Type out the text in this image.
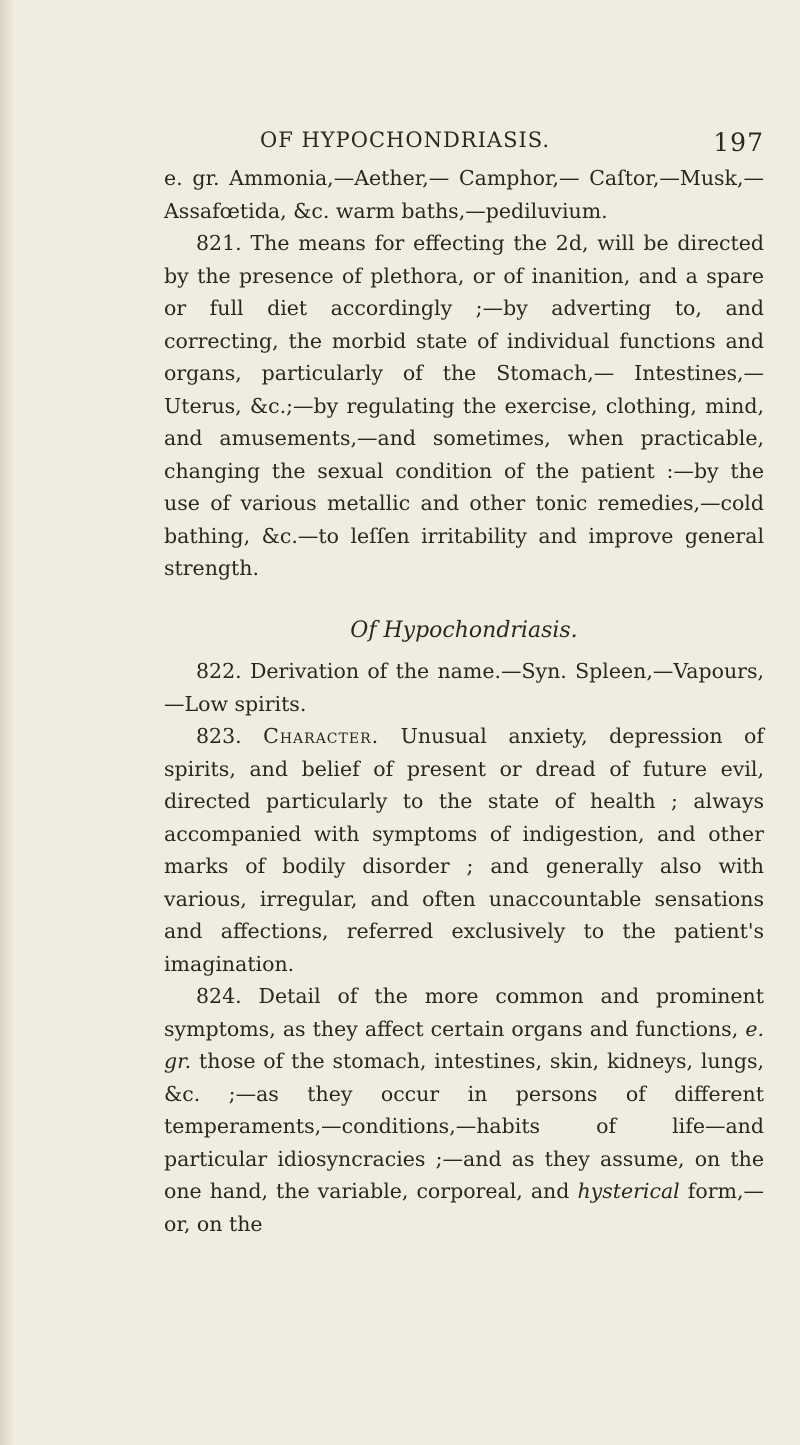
OF HYPOCHONDRIASIS.	197

e. gr. Ammonia,—Aether,— Camphor,— Caſtor,—Musk,—Assafœtida, &c. warm baths,—pediluvium.

821. The means for effecting the 2d, will be directed by the presence of plethora, or of inanition, and a spare or full diet accordingly ;—by adverting to, and correcting, the morbid state of individual functions and organs, particularly of the Stomach,— Intestines,— Uterus, &c.;—by regulating the exercise, clothing, mind, and amusements,—and sometimes, when practicable, changing the sexual condition of the patient :—by the use of various metallic and other tonic remedies,—cold bathing, &c.—to leſſen irritability and improve general strength.

Of Hypochondriasis.

822. Derivation of the name.—Syn. Spleen,—Vapours,—Low spirits.

823. Character. Unusual anxiety, depression of spirits, and belief of present or dread of future evil, directed particularly to the state of health ; always accompanied with symptoms of indigestion, and other marks of bodily disorder ; and generally also with various, irregular, and often unaccountable sensations and affections, referred exclusively to the patient's imagination.

824. Detail of the more common and prominent symptoms, as they affect certain organs and functions, e. gr. those of the stomach, intestines, skin, kidneys, lungs, &c. ;—as they occur in persons of different temperaments,—conditions,—habits of life—and particular idiosyncracies ;—and as they assume, on the one hand, the variable, corporeal, and hysterical form,—or, on the
